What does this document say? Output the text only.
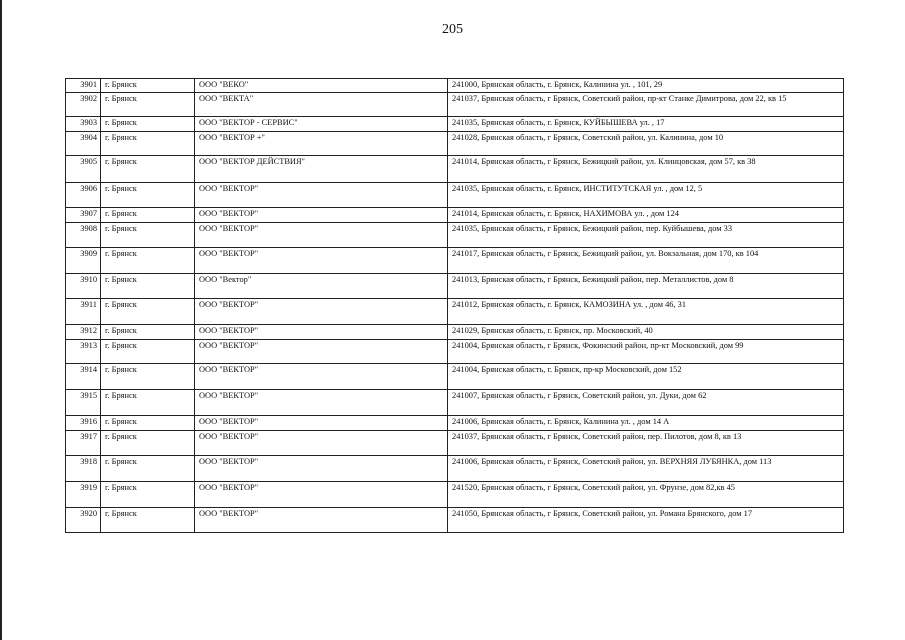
205
3901	г. Брянск	ООО "ВЕКО"	241000, Брянская область, г. Брянск, Калинина ул. , 101, 29
3902	г. Брянск	ООО "ВЕКТА"	241037, Брянская область, г Брянск, Советский район, пр-кт Станке Димитрова, дом 22, кв 15
3903	г. Брянск	ООО "ВЕКТОР - СЕРВИС"	241035, Брянская область, г. Брянск, КУЙБЫШЕВА ул. , 17
3904	г. Брянск	ООО "ВЕКТОР +"	241028, Брянская область, г Брянск, Советский район, ул. Калинина, дом 10
3905	г. Брянск	ООО "ВЕКТОР ДЕЙСТВИЯ"	241014, Брянская область, г Брянск, Бежицкий район, ул. Клинцовская, дом 57, кв 38
3906	г. Брянск	ООО "ВЕКТОР"	241035, Брянская область, г. Брянск, ИНСТИТУТСКАЯ ул. , дом 12, 5
3907	г. Брянск	ООО "ВЕКТОР"	241014, Брянская область, г. Брянск, НАХИМОВА ул. , дом 124
3908	г. Брянск	ООО "ВЕКТОР"	241035, Брянская область, г Брянск, Бежицкий район, пер. Куйбышева, дом 33
3909	г. Брянск	ООО "ВЕКТОР"	241017, Брянская область, г Брянск, Бежицкий район, ул. Вокзальная, дом 170, кв 104
3910	г. Брянск	ООО "Вектор"	241013, Брянская область, г Брянск, Бежицкий район, пер. Металлистов, дом 8
3911	г. Брянск	ООО "ВЕКТОР"	241012, Брянская область, г. Брянск, КАМОЗИНА ул. , дом 46, 31
3912	г. Брянск	ООО "ВЕКТОР"	241029, Брянская область, г. Брянск, пр. Московский, 40
3913	г. Брянск	ООО "ВЕКТОР"	241004, Брянская область, г Брянск, Фокинский район, пр-кт Московский, дом 99
3914	г. Брянск	ООО "ВЕКТОР"	241004, Брянская область, г. Брянск, пр-кр Московский, дом 152
3915	г. Брянск	ООО "ВЕКТОР"	241007, Брянская область, г Брянск, Советский район, ул. Дуки, дом 62
3916	г. Брянск	ООО "ВЕКТОР"	241006, Брянская область, г. Брянск, Калинина ул. , дом 14 А
3917	г. Брянск	ООО "ВЕКТОР"	241037, Брянская область, г Брянск, Советский район, пер. Пилотов, дом 8, кв 13
3918	г. Брянск	ООО "ВЕКТОР"	241006, Брянская область, г Брянск, Советский район, ул. ВЕРХНЯЯ ЛУБЯНКА, дом 113
3919	г. Брянск	ООО "ВЕКТОР"	241520, Брянская область, г Брянск, Советский район, ул. Фрунзе, дом 82,кв 45
3920	г. Брянск	ООО "ВЕКТОР"	241050, Брянская область, г Брянск, Советский район, ул. Романа Брянского, дом 17
